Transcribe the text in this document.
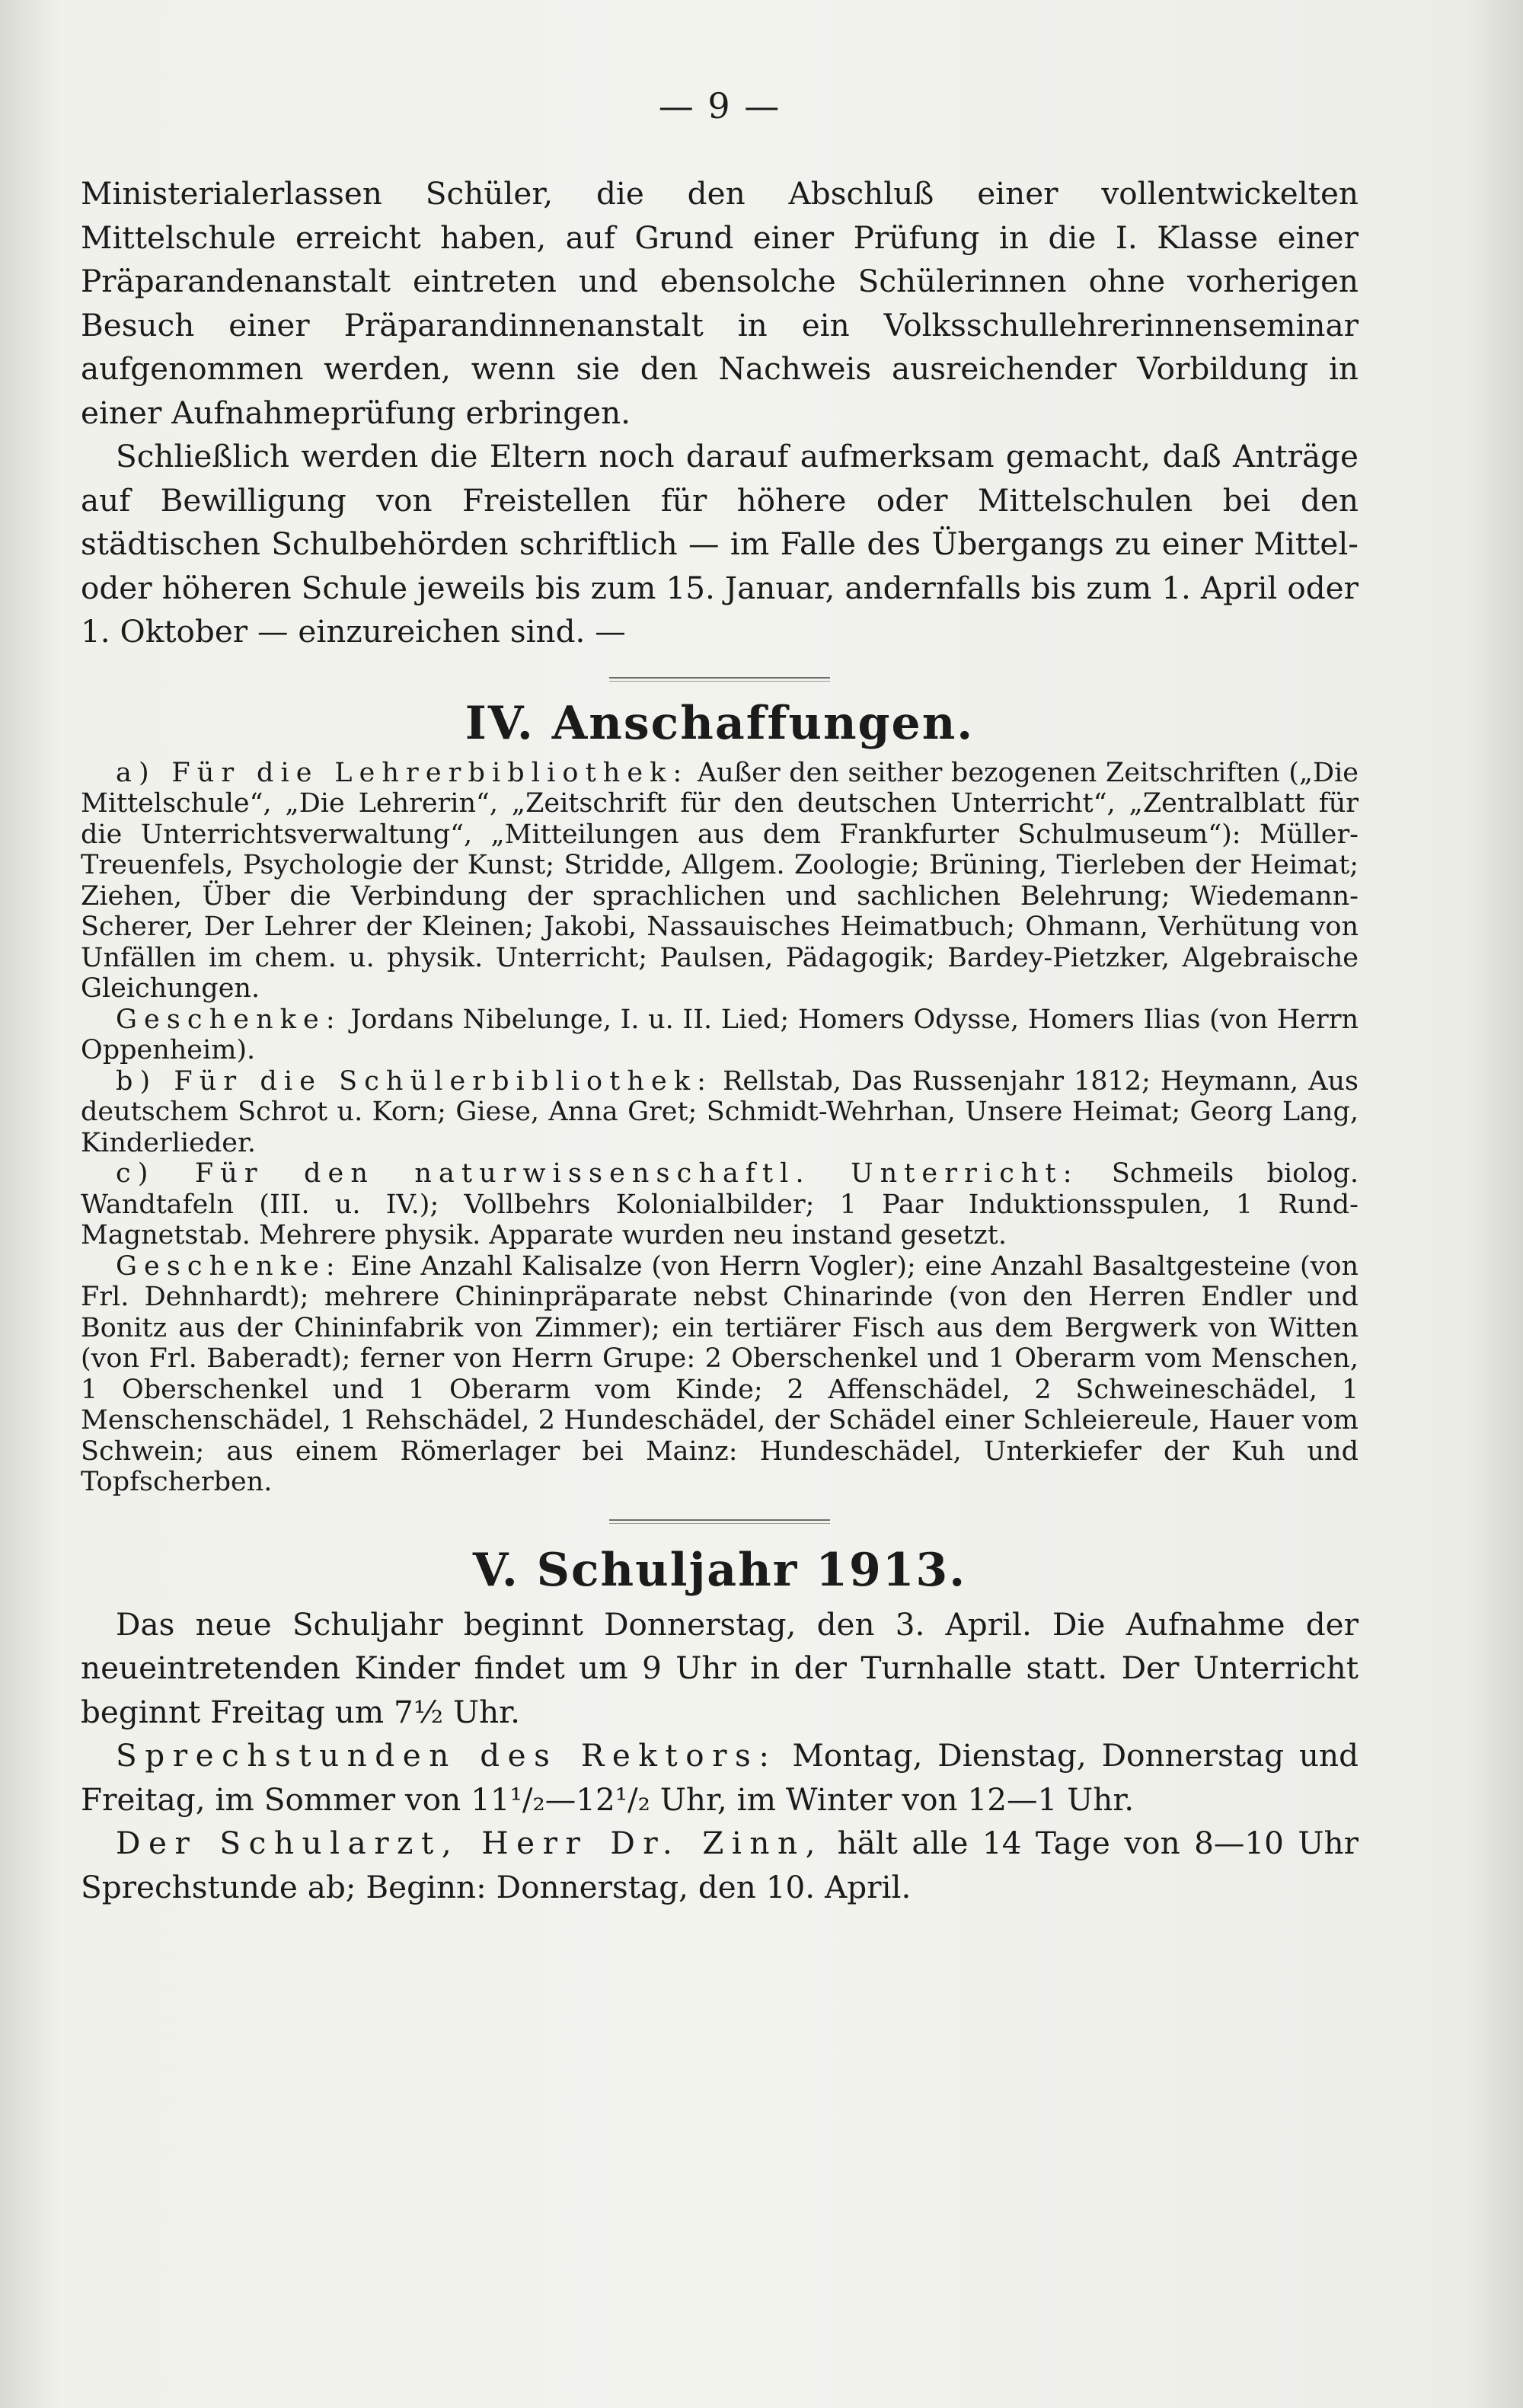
— 9 —

Ministerialerlassen Schüler, die den Abschluß einer vollentwickelten Mittelschule erreicht haben, auf Grund einer Prüfung in die I. Klasse einer Präparandenanstalt eintreten und ebensolche Schülerinnen ohne vorherigen Besuch einer Präparandinnenanstalt in ein Volksschullehrerinnenseminar aufgenommen werden, wenn sie den Nachweis ausreichender Vorbildung in einer Aufnahmeprüfung erbringen.

Schließlich werden die Eltern noch darauf aufmerksam gemacht, daß Anträge auf Bewilligung von Freistellen für höhere oder Mittelschulen bei den städtischen Schulbehörden schriftlich — im Falle des Übergangs zu einer Mittel- oder höheren Schule jeweils bis zum 15. Januar, andernfalls bis zum 1. April oder 1. Oktober — einzureichen sind. —

IV. Anschaffungen.

a) Für die Lehrerbibliothek: Außer den seither bezogenen Zeitschriften („Die Mittelschule“, „Die Lehrerin“, „Zeitschrift für den deutschen Unterricht“, „Zentralblatt für die Unterrichtsverwaltung“, „Mitteilungen aus dem Frankfurter Schulmuseum“): Müller-Treuenfels, Psychologie der Kunst; Stridde, Allgem. Zoologie; Brüning, Tierleben der Heimat; Ziehen, Über die Verbindung der sprachlichen und sachlichen Belehrung; Wiedemann-Scherer, Der Lehrer der Kleinen; Jakobi, Nassauisches Heimatbuch; Ohmann, Verhütung von Unfällen im chem. u. physik. Unterricht; Paulsen, Pädagogik; Bardey-Pietzker, Algebraische Gleichungen.

Geschenke: Jordans Nibelunge, I. u. II. Lied; Homers Odysse, Homers Ilias (von Herrn Oppenheim).

b) Für die Schülerbibliothek: Rellstab, Das Russenjahr 1812; Heymann, Aus deutschem Schrot u. Korn; Giese, Anna Gret; Schmidt-Wehrhan, Unsere Heimat; Georg Lang, Kinderlieder.

c) Für den naturwissenschaftl. Unterricht: Schmeils biolog. Wandtafeln (III. u. IV.); Vollbehrs Kolonialbilder; 1 Paar Induktionsspulen, 1 Rund-Magnetstab. Mehrere physik. Apparate wurden neu instand gesetzt.

Geschenke: Eine Anzahl Kalisalze (von Herrn Vogler); eine Anzahl Basaltgesteine (von Frl. Dehnhardt); mehrere Chininpräparate nebst Chinarinde (von den Herren Endler und Bonitz aus der Chininfabrik von Zimmer); ein tertiärer Fisch aus dem Bergwerk von Witten (von Frl. Baberadt); ferner von Herrn Grupe: 2 Oberschenkel und 1 Oberarm vom Menschen, 1 Oberschenkel und 1 Oberarm vom Kinde; 2 Affenschädel, 2 Schweineschädel, 1 Menschenschädel, 1 Rehschädel, 2 Hundeschädel, der Schädel einer Schleiereule, Hauer vom Schwein; aus einem Römerlager bei Mainz: Hundeschädel, Unterkiefer der Kuh und Topfscherben.

V. Schuljahr 1913.

Das neue Schuljahr beginnt Donnerstag, den 3. April. Die Aufnahme der neueintretenden Kinder findet um 9 Uhr in der Turnhalle statt. Der Unterricht beginnt Freitag um 7½ Uhr.

Sprechstunden des Rektors: Montag, Dienstag, Donnerstag und Freitag, im Sommer von 11¹/₂—12¹/₂ Uhr, im Winter von 12—1 Uhr.

Der Schularzt, Herr Dr. Zinn, hält alle 14 Tage von 8—10 Uhr Sprechstunde ab; Beginn: Donnerstag, den 10. April.
